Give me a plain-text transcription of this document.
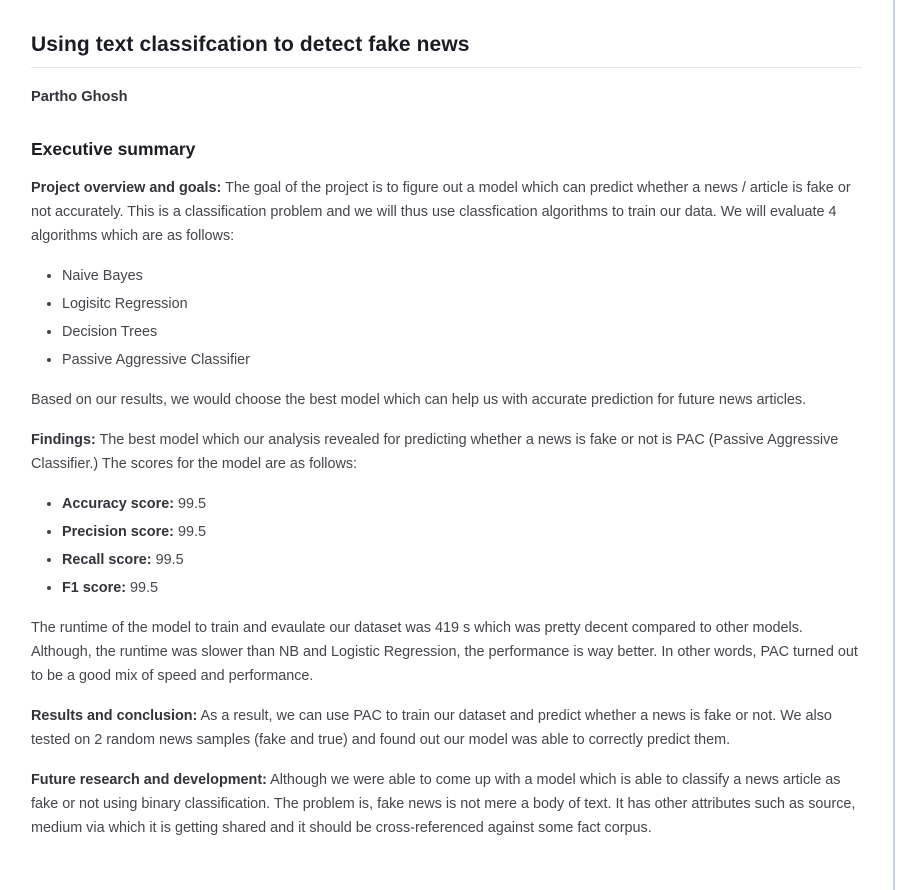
Using text classifcation to detect fake news
Partho Ghosh
Executive summary

Project overview and goals: The goal of the project is to figure out a model which can predict whether a news / article is fake or not accurately. This is a classification problem and we will thus use classfication algorithms to train our data. We will evaluate 4 algorithms which are as follows:

• Naive Bayes
• Logisitc Regression
• Decision Trees
• Passive Aggressive Classifier

Based on our results, we would choose the best model which can help us with accurate prediction for future news articles.

Findings: The best model which our analysis revealed for predicting whether a news is fake or not is PAC (Passive Aggressive Classifier.) The scores for the model are as follows:

• Accuracy score: 99.5
• Precision score: 99.5
• Recall score: 99.5
• F1 score: 99.5

The runtime of the model to train and evaulate our dataset was 419 s which was pretty decent compared to other models. Although, the runtime was slower than NB and Logistic Regression, the performance is way better. In other words, PAC turned out to be a good mix of speed and performance.

Results and conclusion: As a result, we can use PAC to train our dataset and predict whether a news is fake or not. We also tested on 2 random news samples (fake and true) and found out our model was able to correctly predict them.

Future research and development: Although we were able to come up with a model which is able to classify a news article as fake or not using binary classification. The problem is, fake news is not mere a body of text. It has other attributes such as source, medium via which it is getting shared and it should be cross-referenced against some fact corpus.
